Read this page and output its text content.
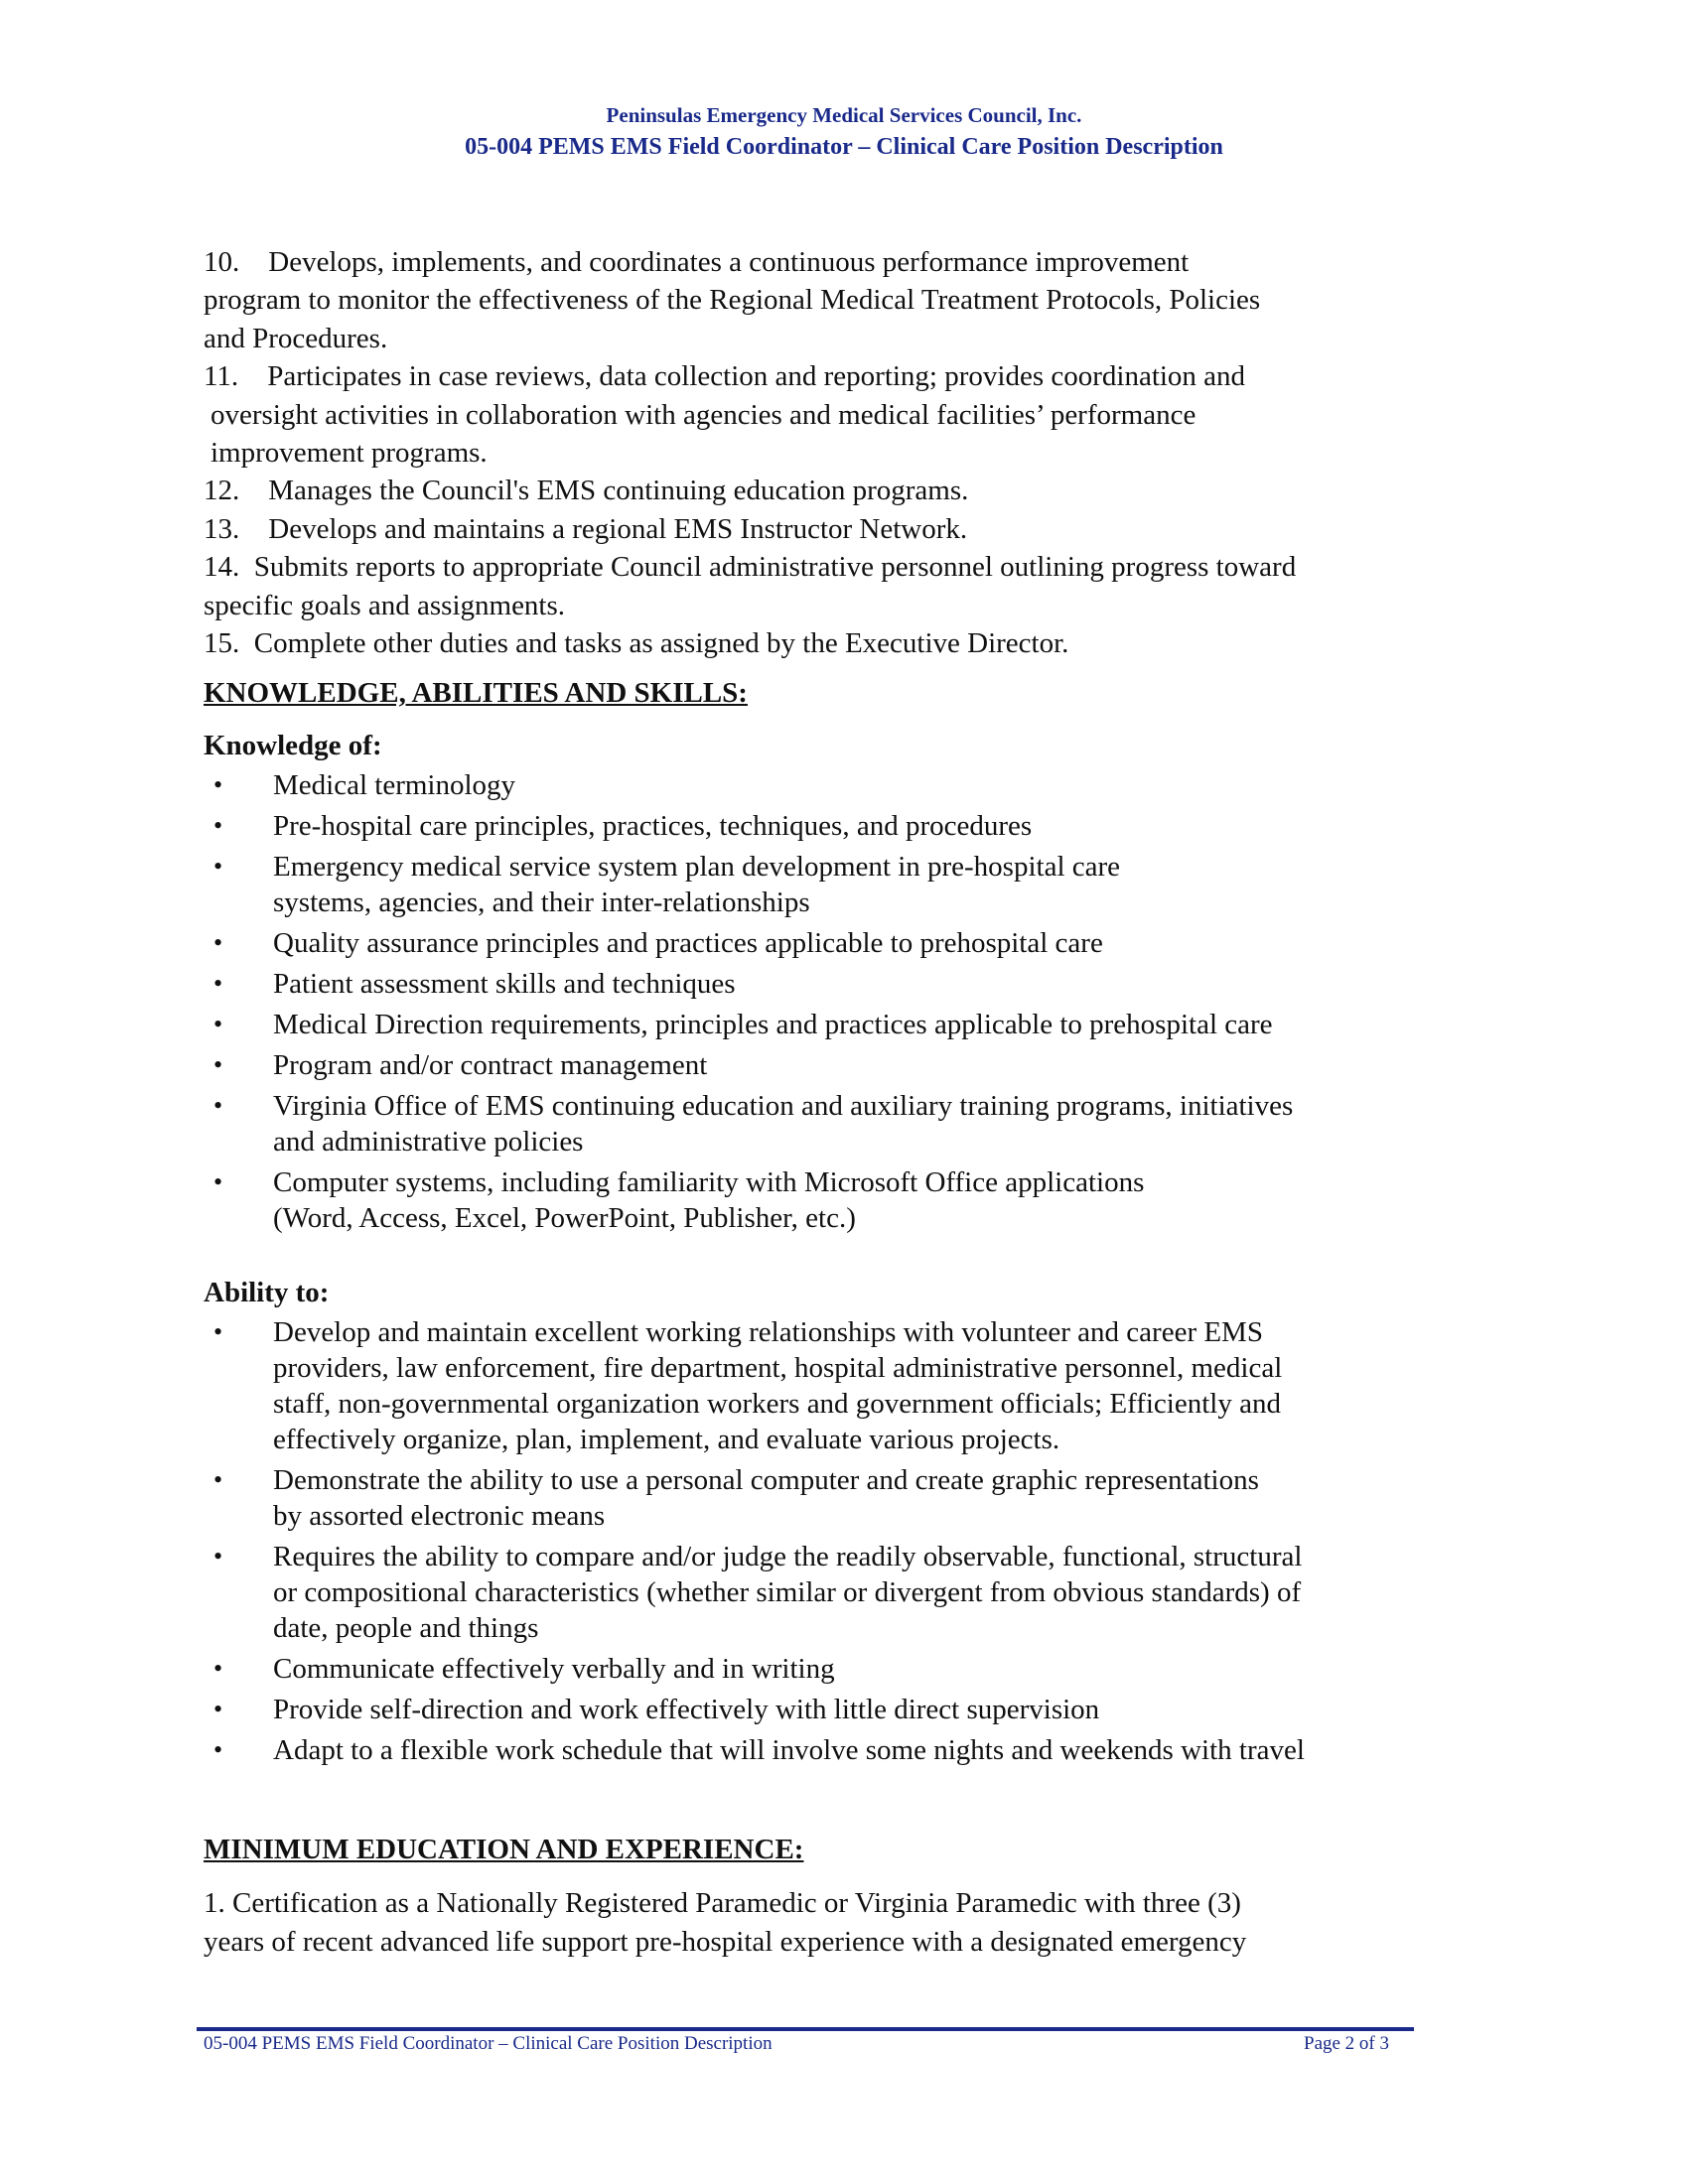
Peninsulas Emergency Medical Services Council, Inc.
05-004 PEMS EMS Field Coordinator – Clinical Care Position Description
10. Develops, implements, and coordinates a continuous performance improvement
program to monitor the effectiveness of the Regional Medical Treatment Protocols, Policies
and Procedures.
11. Participates in case reviews, data collection and reporting; provides coordination and
oversight activities in collaboration with agencies and medical facilities’ performance
improvement programs.
12. Manages the Council's EMS continuing education programs.
13. Develops and maintains a regional EMS Instructor Network.
14. Submits reports to appropriate Council administrative personnel outlining progress toward
specific goals and assignments.
15. Complete other duties and tasks as assigned by the Executive Director.
KNOWLEDGE, ABILITIES AND SKILLS:
Knowledge of:
•	Medical terminology
•	Pre-hospital care principles, practices, techniques, and procedures
•	Emergency medical service system plan development in pre-hospital care
systems, agencies, and their inter-relationships
•	Quality assurance principles and practices applicable to prehospital care
•	Patient assessment skills and techniques
•	Medical Direction requirements, principles and practices applicable to prehospital care
•	Program and/or contract management
•	Virginia Office of EMS continuing education and auxiliary training programs, initiatives
and administrative policies
•	Computer systems, including familiarity with Microsoft Office applications
(Word, Access, Excel, PowerPoint, Publisher, etc.)
Ability to:
•	Develop and maintain excellent working relationships with volunteer and career EMS
providers, law enforcement, fire department, hospital administrative personnel, medical
staff, non-governmental organization workers and government officials; Efficiently and
effectively organize, plan, implement, and evaluate various projects.
•	Demonstrate the ability to use a personal computer and create graphic representations
by assorted electronic means
•	Requires the ability to compare and/or judge the readily observable, functional, structural
or compositional characteristics (whether similar or divergent from obvious standards) of
date, people and things
•	Communicate effectively verbally and in writing
•	Provide self-direction and work effectively with little direct supervision
•	Adapt to a flexible work schedule that will involve some nights and weekends with travel
MINIMUM EDUCATION AND EXPERIENCE:
1. Certification as a Nationally Registered Paramedic or Virginia Paramedic with three (3)
years of recent advanced life support pre-hospital experience with a designated emergency
05-004 PEMS EMS Field Coordinator – Clinical Care Position Description	Page 2 of 3
